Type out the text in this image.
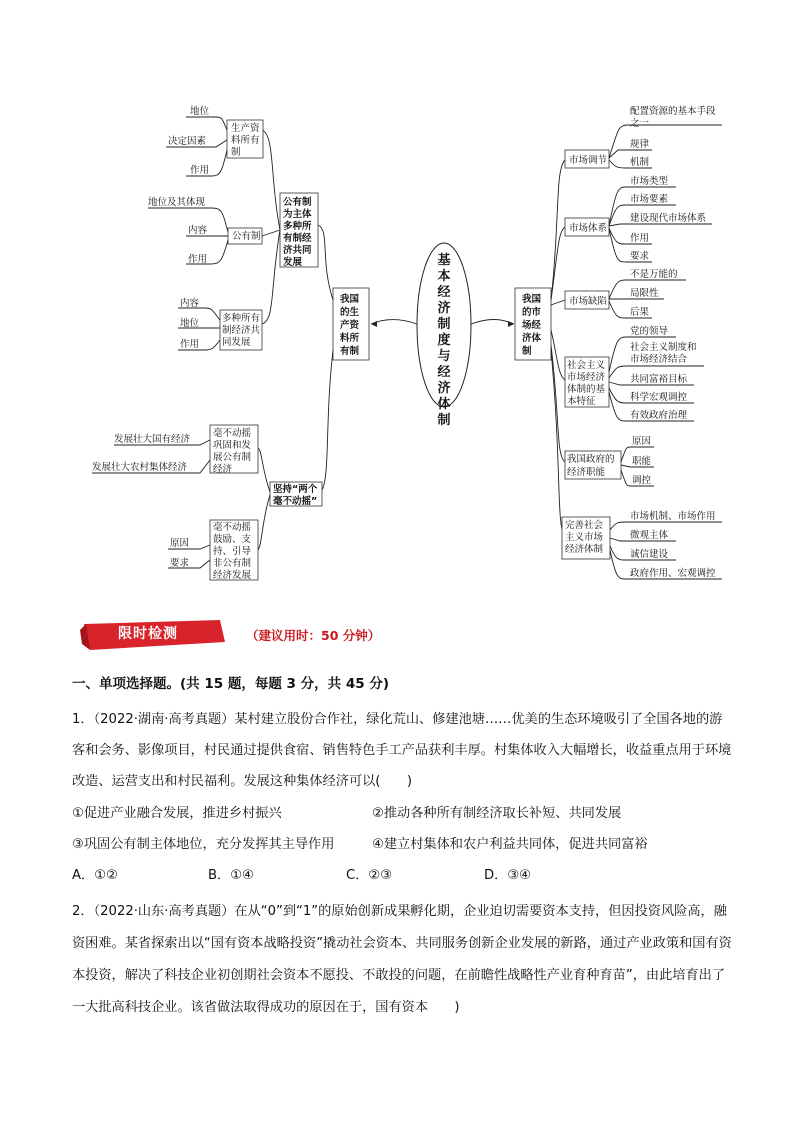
基
本
经
济
制
度
与
经
济
体
制
我国
的生
产资
料所
有制
我国
的市
场经
济体
制
公有制
为主体
多种所
有制经
济共同
发展
生产资
料所有
制
公有制
多种所有
制经济共
同发展
坚持“两个
毫不动摇”
毫不动摇
巩固和发
展公有制
经济
毫不动摇
鼓励、支
持、引导
非公有制
经济发展
市场调节
市场体系
市场缺陷
社会主义
市场经济
体制的基
本特征
我国政府的
经济职能
完善社会
主义市场
经济体制
地位
决定因素
作用
地位及其体现
内容
作用
内容
地位
作用
发展壮大国有经济
发展壮大农村集体经济
原因
要求
配置资源的基本手段
之一
规律
机制
市场类型
市场要素
建设现代市场体系
作用
要求
不是万能的
局限性
后果
党的领导
社会主义制度和
市场经济结合
共同富裕目标
科学宏观调控
有效政府治理
原因
职能
调控
市场机制、市场作用
微观主体
诚信建设
政府作用、宏观调控
限时检测	（建议用时：50 分钟）
一、单项选择题。(共 15 题，每题 3 分，共 45 分)
1．（2022·湖南·高考真题）某村建立股份合作社，绿化荒山、修建池塘……优美的生态环境吸引了全国各地的游客和会务、影像项目，村民通过提供食宿、销售特色手工产品获利丰厚。村集体收入大幅增长，收益重点用于环境改造、运营支出和村民福利。发展这种集体经济可以(　　)
①促进产业融合发展，推进乡村振兴	②推动各种所有制经济取长补短、共同发展
③巩固公有制主体地位，充分发挥其主导作用	④建立村集体和农户利益共同体，促进共同富裕
A．①②	B．①④	C．②③	D．③④
2．（2022·山东·高考真题）在从“0”到“1”的原始创新成果孵化期，企业迫切需要资本支持，但因投资风险高，融资困难。某省探索出以“国有资本战略投资”撬动社会资本、共同服务创新企业发展的新路，通过产业政策和国有资本投资，解决了科技企业初创期社会资本不愿投、不敢投的问题，在前瞻性战略性产业育种育苗”，由此培育出了一大批高科技企业。该省做法取得成功的原因在于，国有资本　　)
